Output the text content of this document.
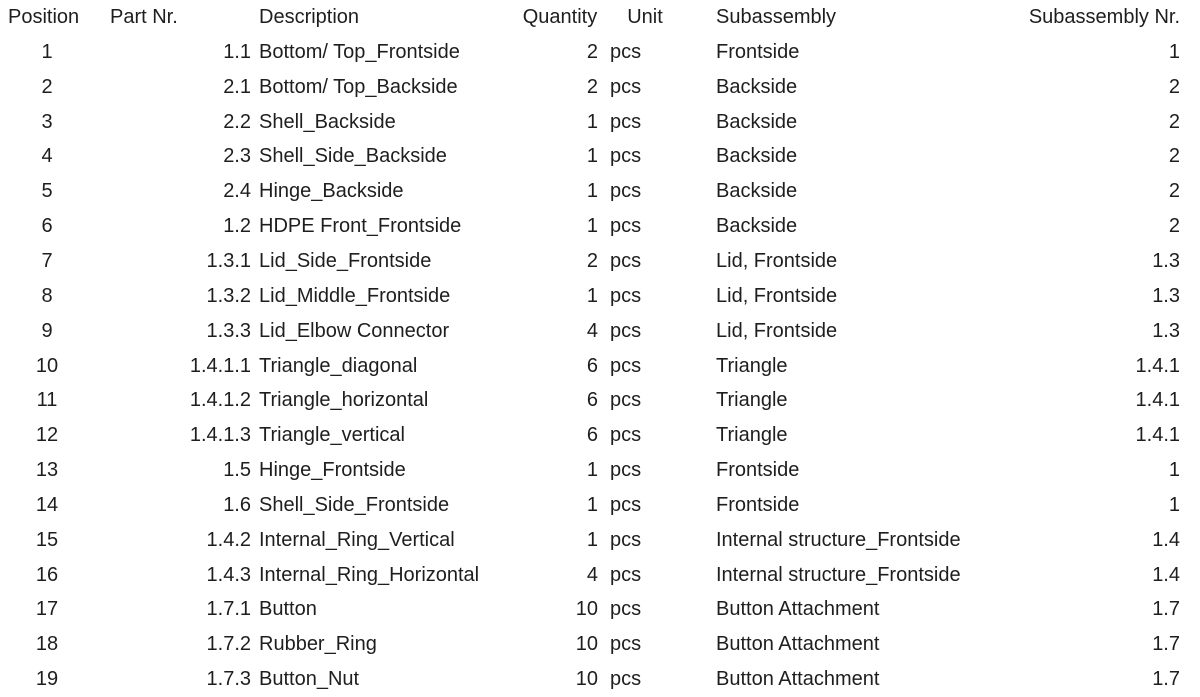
Position	Part Nr.	Description	Quantity	Unit	Subassembly	Subassembly Nr.
1	1.1 Bottom/ Top_Frontside	2 pcs	Frontside	1
2	2.1 Bottom/ Top_Backside	2 pcs	Backside	2
3	2.2 Shell_Backside	1 pcs	Backside	2
4	2.3 Shell_Side_Backside	1 pcs	Backside	2
5	2.4 Hinge_Backside	1 pcs	Backside	2
6	1.2 HDPE Front_Frontside	1 pcs	Backside	2
7	1.3.1 Lid_Side_Frontside	2 pcs	Lid, Frontside	1.3
8	1.3.2 Lid_Middle_Frontside	1 pcs	Lid, Frontside	1.3
9	1.3.3 Lid_Elbow Connector	4 pcs	Lid, Frontside	1.3
10	1.4.1.1 Triangle_diagonal	6 pcs	Triangle	1.4.1
11	1.4.1.2 Triangle_horizontal	6 pcs	Triangle	1.4.1
12	1.4.1.3 Triangle_vertical	6 pcs	Triangle	1.4.1
13	1.5 Hinge_Frontside	1 pcs	Frontside	1
14	1.6 Shell_Side_Frontside	1 pcs	Frontside	1
15	1.4.2 Internal_Ring_Vertical	1 pcs	Internal structure_Frontside	1.4
16	1.4.3 Internal_Ring_Horizontal	4 pcs	Internal structure_Frontside	1.4
17	1.7.1 Button	10 pcs	Button Attachment	1.7
18	1.7.2 Rubber_Ring	10 pcs	Button Attachment	1.7
19	1.7.3 Button_Nut	10 pcs	Button Attachment	1.7
